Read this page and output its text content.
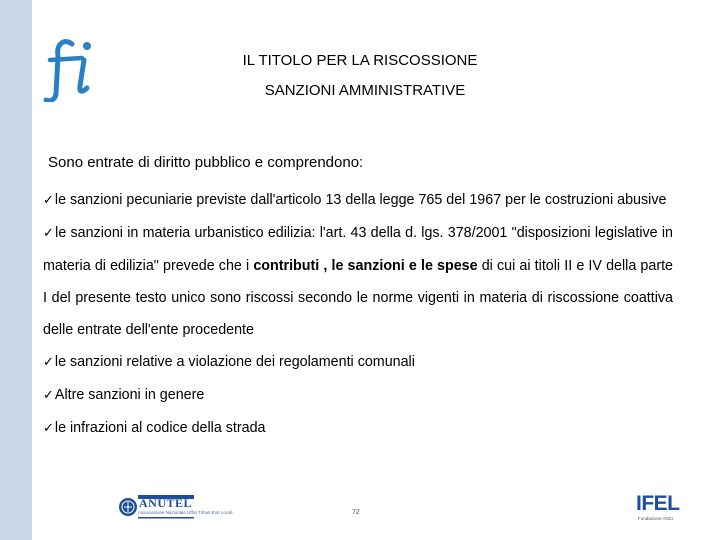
IL TITOLO PER LA RISCOSSIONE
SANZIONI AMMINISTRATIVE
Sono entrate di diritto pubblico e comprendono:

✓le sanzioni pecuniarie previste dall'articolo 13 della legge 765 del 1967 per le costruzioni abusive

✓le sanzioni in materia urbanistico edilizia: l'art. 43 della d. lgs. 378/2001 "disposizioni legislative in materia di edilizia" prevede che i contributi , le sanzioni e le spese di cui ai titoli II e IV della parte I del presente testo unico sono riscossi secondo le norme vigenti in materia di riscossione coattiva delle entrate dell'ente procedente

✓le sanzioni relative a violazione dei regolamenti comunali

✓Altre sanzioni in genere

✓le infrazioni al codice della strada

ANUTEL
Associazione Nazionale Uffici Tributi Enti Locali	72	IFEL
Fondazione ANCI
